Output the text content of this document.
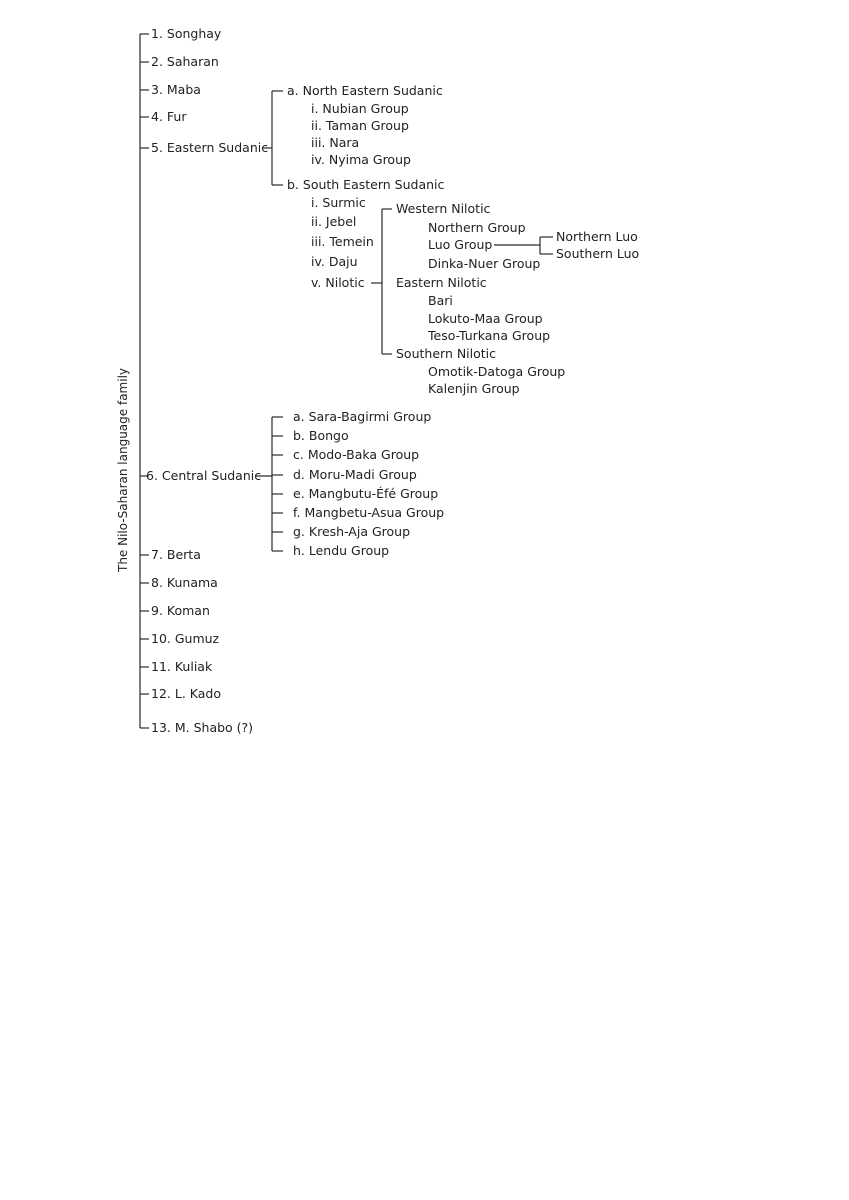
The Nilo-Saharan language family
1. Songhay
2. Saharan
3. Maba
4. Fur
5. Eastern Sudanic
6. Central Sudanic
7. Berta
8. Kunama
9. Koman
10. Gumuz
11. Kuliak
12. L. Kado
13. M. Shabo (?)
a. North Eastern Sudanic
i. Nubian Group
ii. Taman Group
iii. Nara
iv. Nyima Group
b. South Eastern Sudanic
i. Surmic
ii. Jebel
iii. Temein
iv. Daju
v. Nilotic
Western Nilotic
Northern Group
Luo Group
Dinka-Nuer Group
Northern Luo
Southern Luo
Eastern Nilotic
Bari
Lokuto-Maa Group
Teso-Turkana Group
Southern Nilotic
Omotik-Datoga Group
Kalenjin Group
a. Sara-Bagirmi Group
b. Bongo
c. Modo-Baka Group
d. Moru-Madi Group
e. Mangbutu-Éfé Group
f. Mangbetu-Asua Group
g. Kresh-Aja Group
h. Lendu Group
